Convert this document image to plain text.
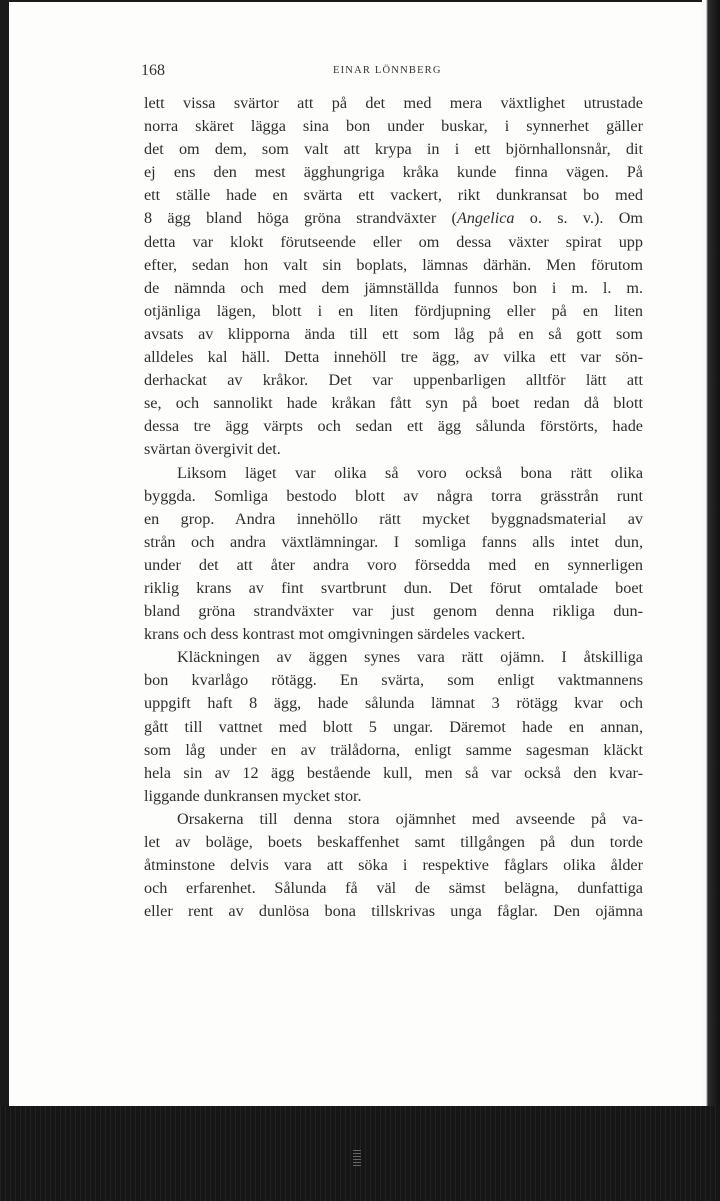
168	EINAR LÖNNBERG
lett vissa svärtor att på det med mera växtlighet utrustade
norra skäret lägga sina bon under buskar, i synnerhet gäller
det om dem, som valt att krypa in i ett björnhallonsnår, dit
ej ens den mest ägghungriga kråka kunde finna vägen. På
ett ställe hade en svärta ett vackert, rikt dunkransat bo med
8 ägg bland höga gröna strandväxter (Angelica o. s. v.). Om
detta var klokt förutseende eller om dessa växter spirat upp
efter, sedan hon valt sin boplats, lämnas därhän. Men förutom
de nämnda och med dem jämnställda funnos bon i m. l. m.
otjänliga lägen, blott i en liten fördjupning eller på en liten
avsats av klipporna ända till ett som låg på en så gott som
alldeles kal häll. Detta innehöll tre ägg, av vilka ett var sön-
derhackat av kråkor. Det var uppenbarligen alltför lätt att
se, och sannolikt hade kråkan fått syn på boet redan då blott
dessa tre ägg värpts och sedan ett ägg sålunda förstörts, hade
svärtan övergivit det.
Liksom läget var olika så voro också bona rätt olika
byggda. Somliga bestodo blott av några torra grässtrån runt
en grop. Andra innehöllo rätt mycket byggnadsmaterial av
strån och andra växtlämningar. I somliga fanns alls intet dun,
under det att åter andra voro försedda med en synnerligen
riklig krans av fint svartbrunt dun. Det förut omtalade boet
bland gröna strandväxter var just genom denna rikliga dun-
krans och dess kontrast mot omgivningen särdeles vackert.
Kläckningen av äggen synes vara rätt ojämn. I åtskilliga
bon kvarlågo rötägg. En svärta, som enligt vaktmannens
uppgift haft 8 ägg, hade sålunda lämnat 3 rötägg kvar och
gått till vattnet med blott 5 ungar. Däremot hade en annan,
som låg under en av trälådorna, enligt samme sagesman kläckt
hela sin av 12 ägg bestående kull, men så var också den kvar-
liggande dunkransen mycket stor.
Orsakerna till denna stora ojämnhet med avseende på va-
let av boläge, boets beskaffenhet samt tillgången på dun torde
åtminstone delvis vara att söka i respektive fåglars olika ålder
och erfarenhet. Sålunda få väl de sämst belägna, dunfattiga
eller rent av dunlösa bona tillskrivas unga fåglar. Den ojämna
